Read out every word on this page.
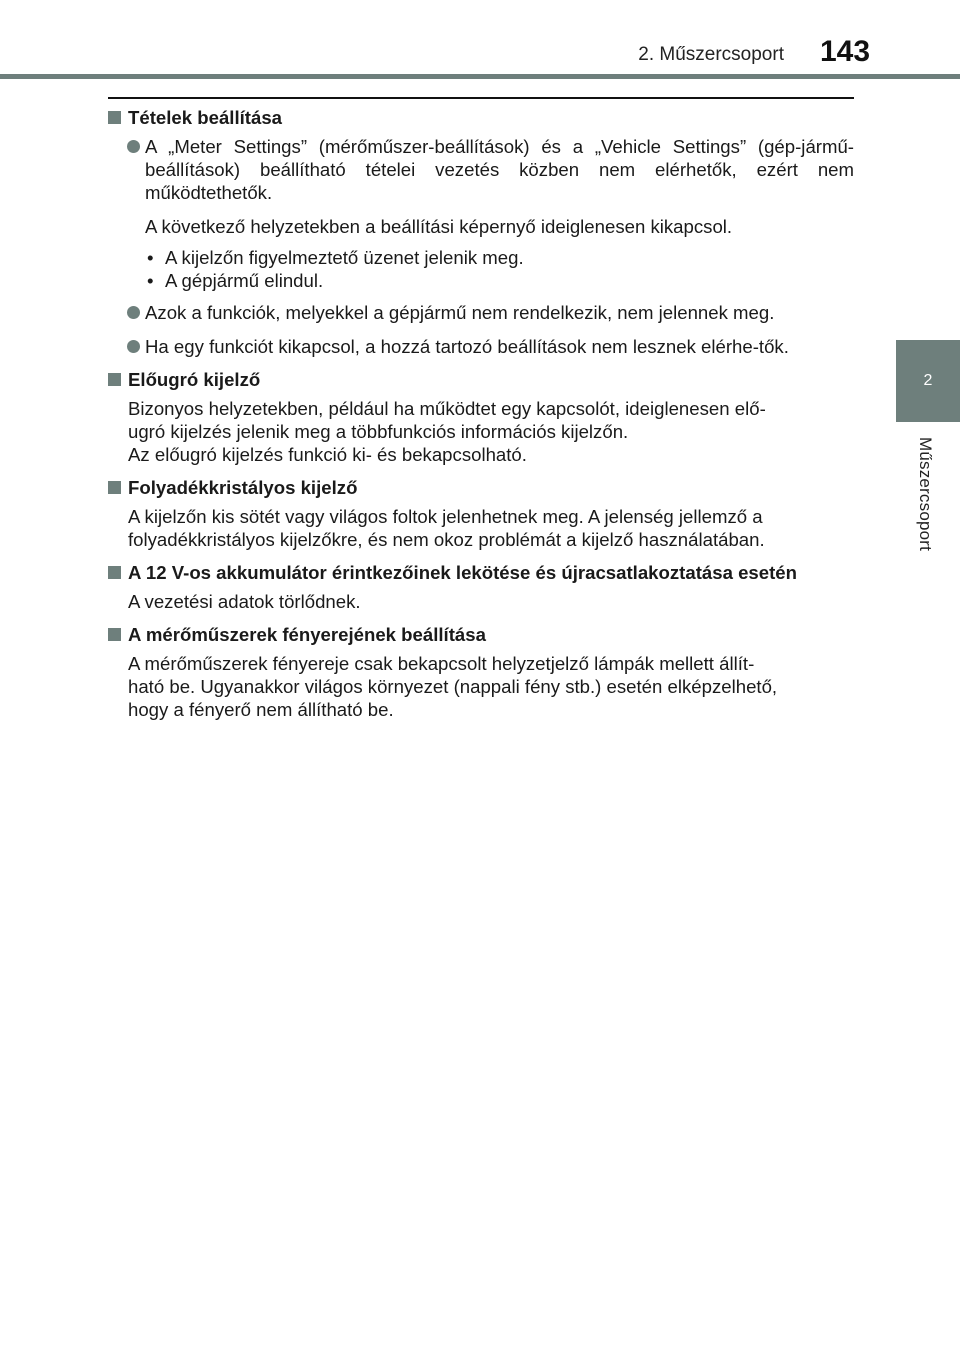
2. Műszercsoport	143
2
Műszercsoport
Tételek beállítása
A „Meter Settings” (mérőműszer-beállítások) és a „Vehicle Settings” (gép-jármű-beállítások) beállítható tételei vezetés közben nem elérhetők, ezért nem működtethetők.

A következő helyzetekben a beállítási képernyő ideiglenesen kikapcsol.

• A kijelzőn figyelmeztető üzenet jelenik meg.
• A gépjármű elindul.
Azok a funkciók, melyekkel a gépjármű nem rendelkezik, nem jelennek meg.
Ha egy funkciót kikapcsol, a hozzá tartozó beállítások nem lesznek elérhe-tők.
Előugró kijelző

Bizonyos helyzetekben, például ha működtet egy kapcsolót, ideiglenesen elő-
ugró kijelzés jelenik meg a többfunkciós információs kijelzőn.
Az előugró kijelzés funkció ki- és bekapcsolható.

Folyadékkristályos kijelző

A kijelzőn kis sötét vagy világos foltok jelenhetnek meg. A jelenség jellemző a
folyadékkristályos kijelzőkre, és nem okoz problémát a kijelző használatában.

A 12 V-os akkumulátor érintkezőinek lekötése és újracsatlakoztatása esetén

A vezetési adatok törlődnek.

A mérőműszerek fényerejének beállítása

A mérőműszerek fényereje csak bekapcsolt helyzetjelző lámpák mellett állít-
ható be. Ugyanakkor világos környezet (nappali fény stb.) esetén elképzelhető,
hogy a fényerő nem állítható be.
